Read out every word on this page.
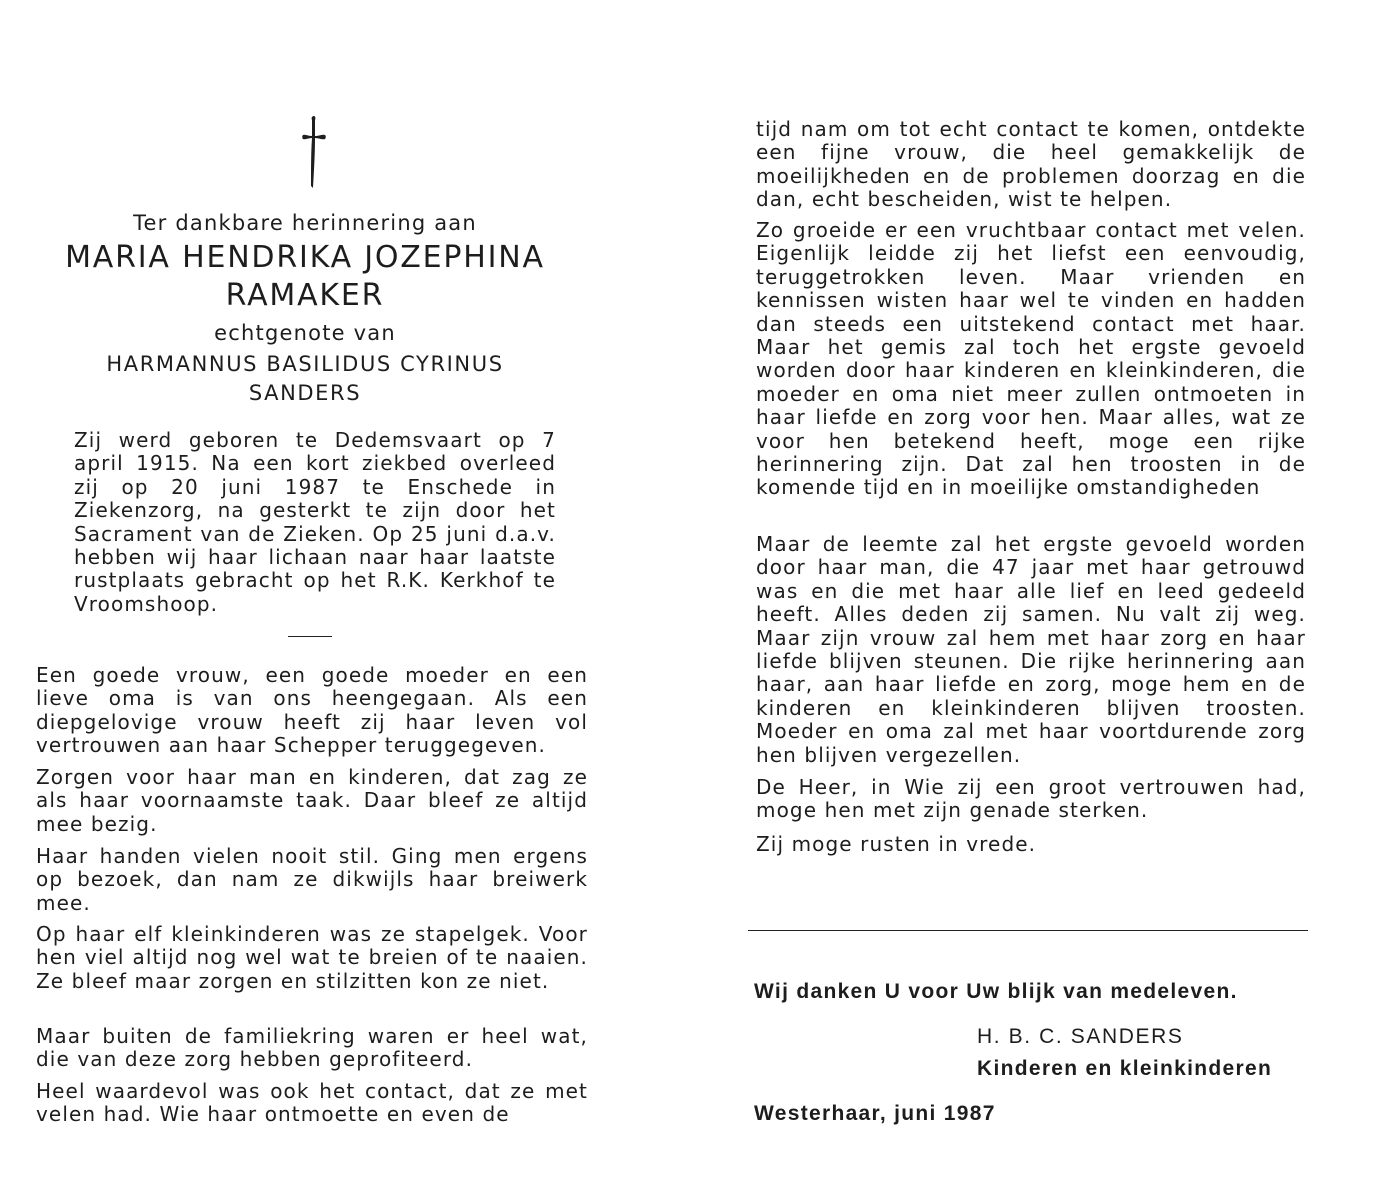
Ter dankbare herinnering aan
MARIA HENDRIKA JOZEPHINA
RAMAKER
echtgenote van
HARMANNUS BASILIDUS CYRINUS
SANDERS

Zij werd geboren te Dedemsvaart op 7 april 1915. Na een kort ziekbed overleed zij op 20 juni 1987 te Enschede in Ziekenzorg, na gesterkt te zijn door het Sacrament van de Zieken. Op 25 juni d.a.v. hebben wij haar lichaan naar haar laatste rustplaats gebracht op het R.K. Kerkhof te Vroomshoop.

Een goede vrouw, een goede moeder en een lieve oma is van ons heengegaan. Als een diepgelovige vrouw heeft zij haar leven vol vertrouwen aan haar Schepper teruggegeven.

Zorgen voor haar man en kinderen, dat zag ze als haar voornaamste taak. Daar bleef ze altijd mee bezig.

Haar handen vielen nooit stil. Ging men ergens op bezoek, dan nam ze dikwijls haar breiwerk mee.

Op haar elf kleinkinderen was ze stapelgek. Voor hen viel altijd nog wel wat te breien of te naaien. Ze bleef maar zorgen en stilzitten kon ze niet.

Maar buiten de familiekring waren er heel wat, die van deze zorg hebben geprofiteerd.

Heel waardevol was ook het contact, dat ze met velen had. Wie haar ontmoette en even de

tijd nam om tot echt contact te komen, ontdekte een fijne vrouw, die heel gemakkelijk de moeilijkheden en de problemen doorzag en die dan, echt bescheiden, wist te helpen.

Zo groeide er een vruchtbaar contact met velen. Eigenlijk leidde zij het liefst een eenvoudig, teruggetrokken leven. Maar vrienden en kennissen wisten haar wel te vinden en hadden dan steeds een uitstekend contact met haar. Maar het gemis zal toch het ergste gevoeld worden door haar kinderen en kleinkinderen, die moeder en oma niet meer zullen ontmoeten in haar liefde en zorg voor hen. Maar alles, wat ze voor hen betekend heeft, moge een rijke herinnering zijn. Dat zal hen troosten in de komende tijd en in moeilijke omstandigheden

Maar de leemte zal het ergste gevoeld worden door haar man, die 47 jaar met haar getrouwd was en die met haar alle lief en leed gedeeld heeft. Alles deden zij samen. Nu valt zij weg. Maar zijn vrouw zal hem met haar zorg en haar liefde blijven steunen. Die rijke herinnering aan haar, aan haar liefde en zorg, moge hem en de kinderen en kleinkinderen blijven troosten. Moeder en oma zal met haar voortdurende zorg hen blijven vergezellen.

De Heer, in Wie zij een groot vertrouwen had, moge hen met zijn genade sterken.

Zij moge rusten in vrede.

Wij danken U voor Uw blijk van medeleven.

H. B. C. SANDERS

Kinderen en kleinkinderen

Westerhaar, juni 1987
